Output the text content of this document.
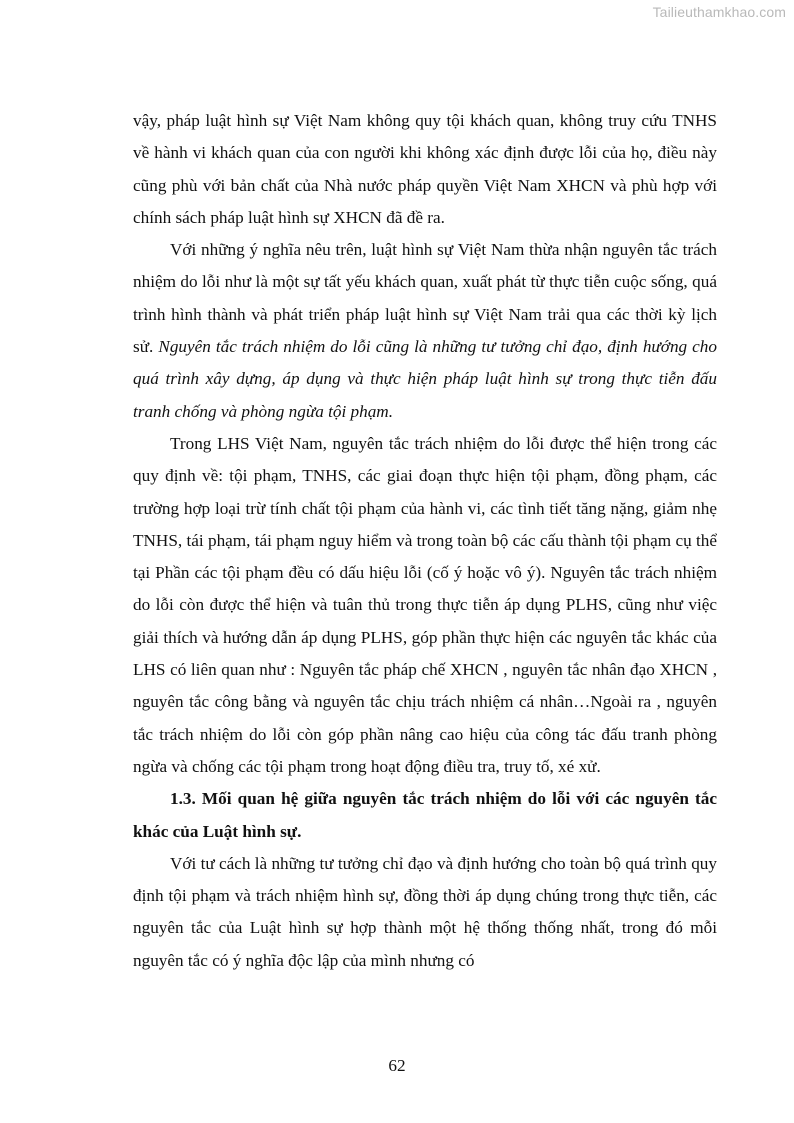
Tailieuthamkhao.com

vậy, pháp luật hình sự Việt Nam không quy tội khách quan, không truy cứu TNHS về hành vi khách quan của con người khi không xác định được lỗi của họ, điều này cũng phù với bản chất của Nhà nước pháp quyền Việt Nam XHCN và phù hợp với chính sách pháp luật hình sự XHCN đã đề ra.

Với những ý nghĩa nêu trên, luật hình sự Việt Nam thừa nhận nguyên tắc trách nhiệm do lỗi như là một sự tất yếu khách quan, xuất phát từ thực tiễn cuộc sống, quá trình hình thành và phát triển pháp luật hình sự Việt Nam trải qua các thời kỳ lịch sử. Nguyên tắc trách nhiệm do lỗi cũng là những tư tưởng chỉ đạo, định hướng cho quá trình xây dựng, áp dụng và thực hiện pháp luật hình sự trong thực tiễn đấu tranh chống và phòng ngừa tội phạm.

Trong LHS Việt Nam, nguyên tắc trách nhiệm do lỗi được thể hiện trong các quy định về: tội phạm, TNHS, các giai đoạn thực hiện tội phạm, đồng phạm, các trường hợp loại trừ tính chất tội phạm của hành vi, các tình tiết tăng nặng, giảm nhẹ TNHS, tái phạm, tái phạm nguy hiểm và trong toàn bộ các cấu thành tội phạm cụ thể tại Phần các tội phạm đều có dấu hiệu lỗi (cố ý hoặc vô ý). Nguyên tắc trách nhiệm do lỗi còn được thể hiện và tuân thủ trong thực tiễn áp dụng PLHS, cũng như việc giải thích và hướng dẫn áp dụng PLHS, góp phần thực hiện các nguyên tắc khác của LHS có liên quan như : Nguyên tắc pháp chế XHCN , nguyên tắc nhân đạo XHCN , nguyên tắc công bằng và nguyên tắc chịu trách nhiệm cá nhân…Ngoài ra , nguyên tắc trách nhiệm do lỗi còn góp phần nâng cao hiệu của công tác đấu tranh phòng ngừa và chống các tội phạm trong hoạt động điều tra, truy tố, xé xử.

1.3. Mối quan hệ giữa nguyên tắc trách nhiệm do lỗi với các nguyên tắc khác của Luật hình sự.

Với tư cách là những tư tưởng chỉ đạo và định hướng cho toàn bộ quá trình quy định tội phạm và trách nhiệm hình sự, đồng thời áp dụng chúng trong thực tiễn, các nguyên tắc của Luật hình sự hợp thành một hệ thống thống nhất, trong đó mỗi nguyên tắc có ý nghĩa độc lập của mình nhưng có

62
